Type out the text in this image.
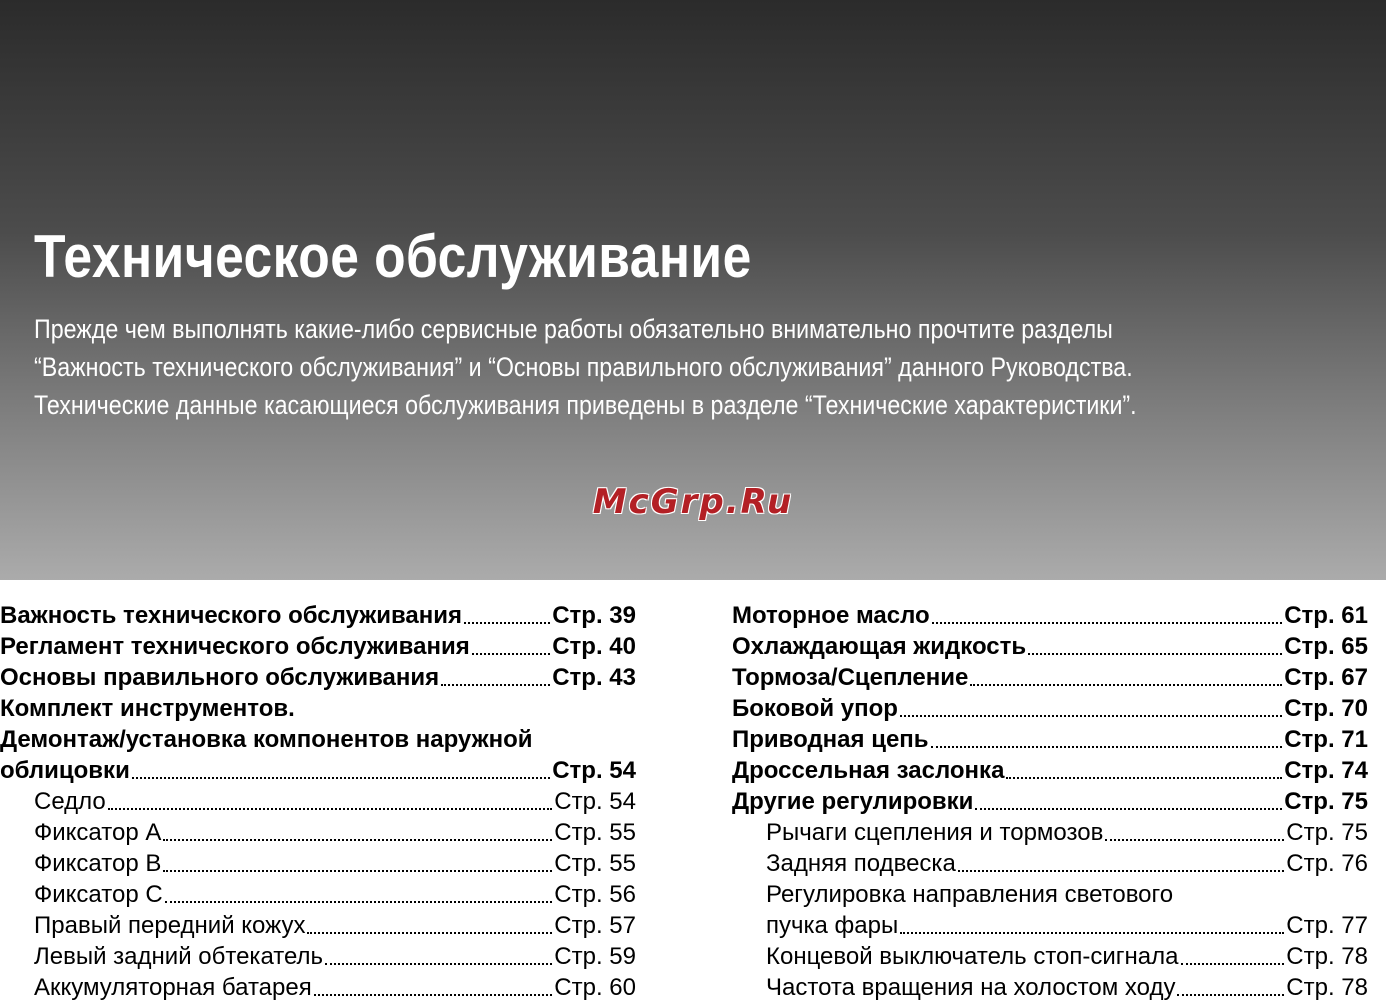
Техническое обслуживание

Прежде чем выполнять какие-либо сервисные работы обязательно внимательно прочтите разделы

“Важность технического обслуживания” и “Основы правильного обслуживания” данного Руководства.

Технические данные касающиеся обслуживания приведены в разделе “Технические характеристики”.

McGrp.Ru
Важность технического обслуживания	Стр. 39
Регламент технического обслуживания	Стр. 40
Основы правильного обслуживания	Стр. 43
Комплект инструментов.
Демонтаж/установка компонентов наружной
облицовки	Стр. 54
Седло	Стр. 54
Фиксатор A	Стр. 55
Фиксатор B	Стр. 55
Фиксатор C	Стр. 56
Правый передний кожух	Стр. 57
Левый задний обтекатель	Стр. 59
Аккумуляторная батарея	Стр. 60
Моторное масло	Стр. 61
Охлаждающая жидкость	Стр. 65
Тормоза/Сцепление	Стр. 67
Боковой упор	Стр. 70
Приводная цепь	Стр. 71
Дроссельная заслонка	Стр. 74
Другие регулировки	Стр. 75
Рычаги сцепления и тормозов	Стр. 75
Задняя подвеска	Стр. 76
Регулировка направления светового
пучка фары	Стр. 77
Концевой выключатель стоп-сигнала	Стр. 78
Частота вращения на холостом ходу	Стр. 78
